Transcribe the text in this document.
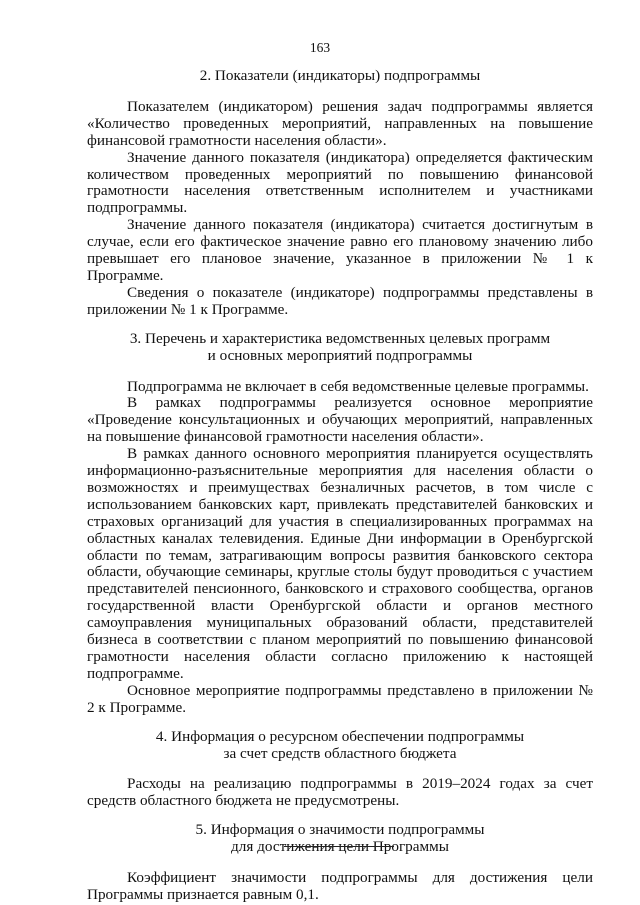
163
2. Показатели (индикаторы) подпрограммы

Показателем (индикатором) решения задач подпрограммы является «Количество проведенных мероприятий, направленных на повышение финансовой грамотности населения области».

Значение данного показателя (индикатора) определяется фактическим количеством проведенных мероприятий по повышению финансовой грамотности населения ответственным исполнителем и участниками подпрограммы.

Значение данного показателя (индикатора) считается достигнутым в случае, если его фактическое значение равно его плановому значению либо превышает его плановое значение, указанное в приложении № 1 к Программе.

Сведения о показателе (индикаторе) подпрограммы представлены в приложении № 1 к Программе.

3. Перечень и характеристика ведомственных целевых программ
и основных мероприятий подпрограммы

Подпрограмма не включает в себя ведомственные целевые программы.

В рамках подпрограммы реализуется основное мероприятие «Проведение консультационных и обучающих мероприятий, направленных на повышение финансовой грамотности населения области».

В рамках данного основного мероприятия планируется осуществлять информационно-разъяснительные мероприятия для населения области о возможностях и преимуществах безналичных расчетов, в том числе с использованием банковских карт, привлекать представителей банковских и страховых организаций для участия в специализированных программах на областных каналах телевидения. Единые Дни информации в Оренбургской области по темам, затрагивающим вопросы развития банковского сектора области, обучающие семинары, круглые столы будут проводиться с участием представителей пенсионного, банковского и страхового сообщества, органов государственной власти Оренбургской области и органов местного самоуправления муниципальных образований области, представителей бизнеса в соответствии с планом мероприятий по повышению финансовой грамотности населения области согласно приложению к настоящей подпрограмме.

Основное мероприятие подпрограммы представлено в приложении № 2 к Программе.

4. Информация о ресурсном обеспечении подпрограммы
за счет средств областного бюджета

Расходы на реализацию подпрограммы в 2019–2024 годах за счет средств областного бюджета не предусмотрены.

5. Информация о значимости подпрограммы
для достижения цели Программы

Коэффициент значимости подпрограммы для достижения цели Программы признается равным 0,1.
